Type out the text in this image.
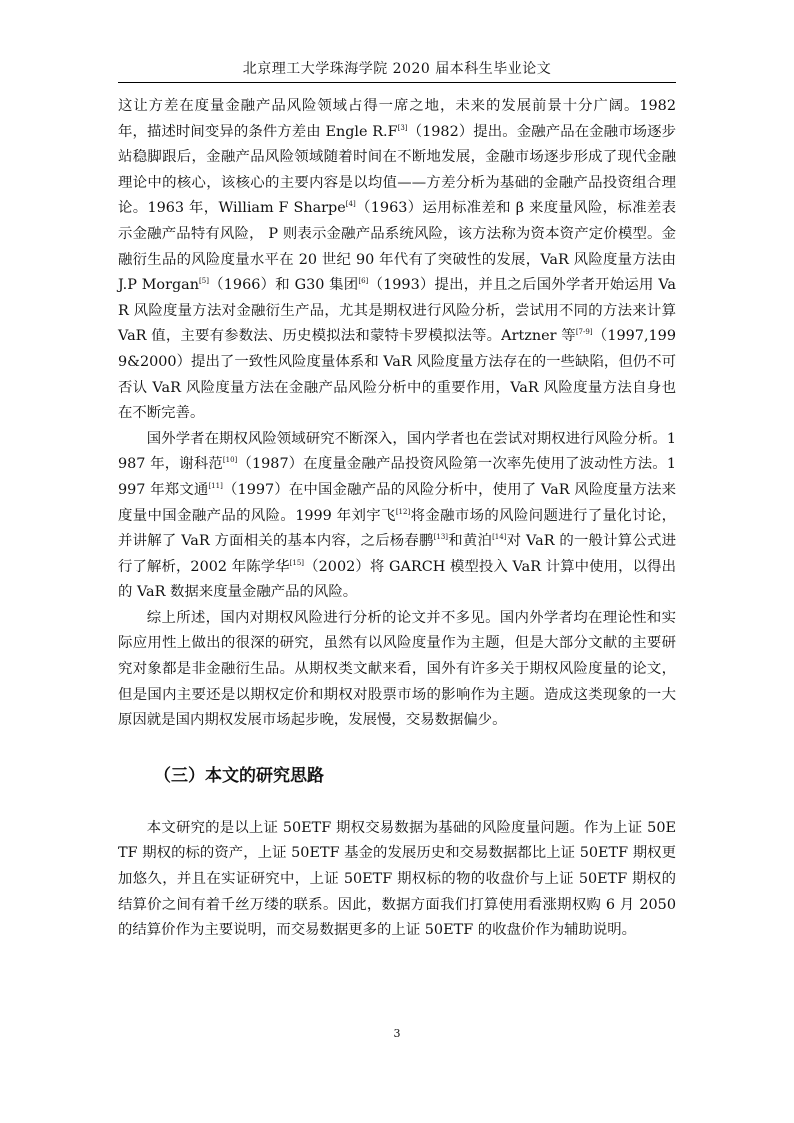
北京理工大学珠海学院 2020 届本科生毕业论文

这让方差在度量金融产品风险领域占得一席之地，未来的发展前景十分广阔。1982 年，描述时间变异的条件方差由 Engle R.F[3]（1982）提出。金融产品在金融市场逐步站稳脚跟后，金融产品风险领域随着时间在不断地发展，金融市场逐步形成了现代金融理论中的核心，该核心的主要内容是以均值——方差分析为基础的金融产品投资组合理论。1963 年，William F Sharpe[4]（1963）运用标准差和 β 来度量风险，标准差表示金融产品特有风险， P 则表示金融产品系统风险，该方法称为资本资产定价模型。金融衍生品的风险度量水平在 20 世纪 90 年代有了突破性的发展，VaR 风险度量方法由 J.P Morgan[5]（1966）和 G30 集团[6]（1993）提出，并且之后国外学者开始运用 VaR 风险度量方法对金融衍生产品，尤其是期权进行风险分析，尝试用不同的方法来计算 VaR 值，主要有参数法、历史模拟法和蒙特卡罗模拟法等。Artzner 等[7-9]（1997,1999&2000）提出了一致性风险度量体系和 VaR 风险度量方法存在的一些缺陷，但仍不可否认 VaR 风险度量方法在金融产品风险分析中的重要作用，VaR 风险度量方法自身也在不断完善。

国外学者在期权风险领域研究不断深入，国内学者也在尝试对期权进行风险分析。1987 年，谢科范[10]（1987）在度量金融产品投资风险第一次率先使用了波动性方法。1997 年郑文通[11]（1997）在中国金融产品的风险分析中，使用了 VaR 风险度量方法来度量中国金融产品的风险。1999 年刘宇飞[12]将金融市场的风险问题进行了量化讨论，并讲解了 VaR 方面相关的基本内容，之后杨春鹏[13]和黄泊[14]对 VaR 的一般计算公式进行了解析，2002 年陈学华[15]（2002）将 GARCH 模型投入 VaR 计算中使用，以得出的 VaR 数据来度量金融产品的风险。

综上所述，国内对期权风险进行分析的论文并不多见。国内外学者均在理论性和实际应用性上做出的很深的研究，虽然有以风险度量作为主题，但是大部分文献的主要研究对象都是非金融衍生品。从期权类文献来看，国外有许多关于期权风险度量的论文，但是国内主要还是以期权定价和期权对股票市场的影响作为主题。造成这类现象的一大原因就是国内期权发展市场起步晚，发展慢，交易数据偏少。

（三）本文的研究思路

本文研究的是以上证 50ETF 期权交易数据为基础的风险度量问题。作为上证 50ETF 期权的标的资产，上证 50ETF 基金的发展历史和交易数据都比上证 50ETF 期权更加悠久，并且在实证研究中，上证 50ETF 期权标的物的收盘价与上证 50ETF 期权的结算价之间有着千丝万缕的联系。因此，数据方面我们打算使用看涨期权购 6 月 2050 的结算价作为主要说明，而交易数据更多的上证 50ETF 的收盘价作为辅助说明。

3
